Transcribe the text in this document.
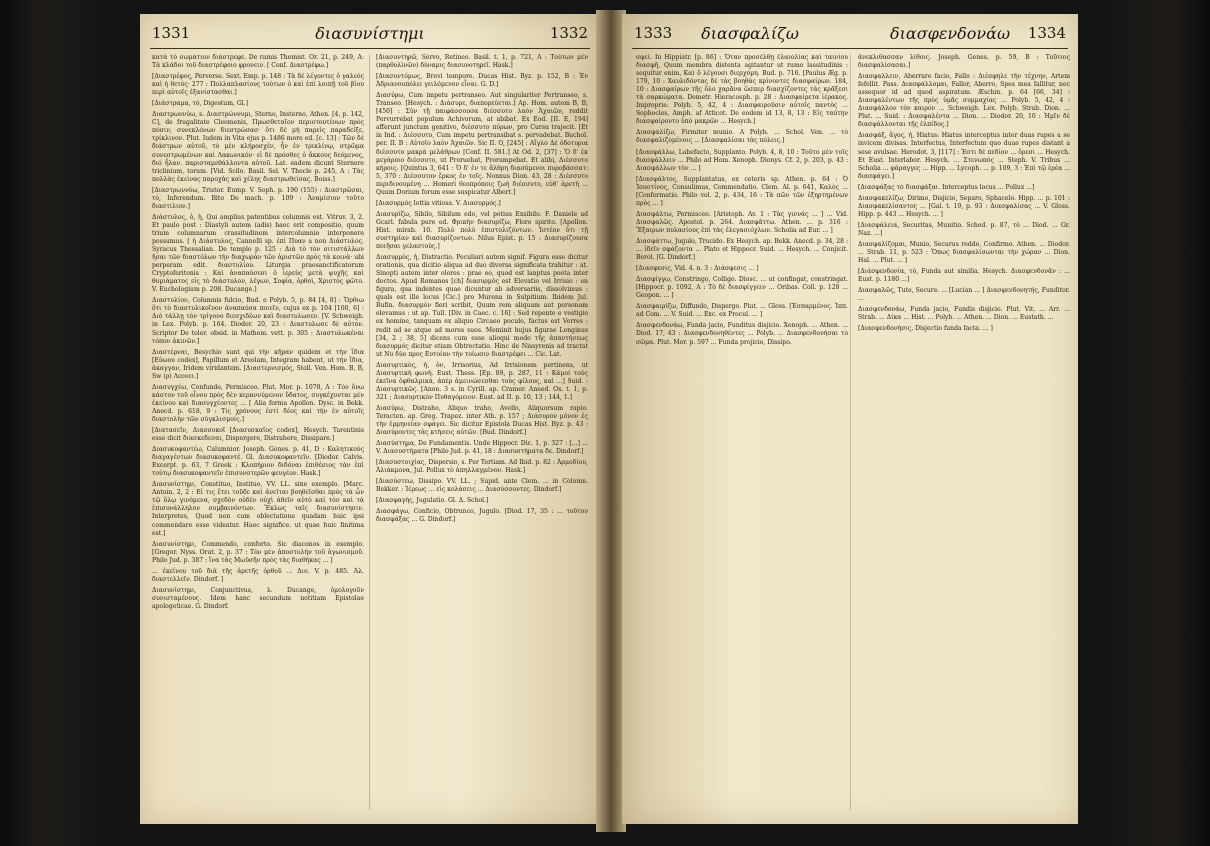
1331	διασυνίστημι	1332

κατὰ τὸ σωμάτιον διάστρεφε. De ramis Themist. Or. 21, p. 249, A: Τὰ κλάδοι τοῦ διαστρέφοιο φρονειν. [ Conf. Διαστρέφω.]

[Διαστρέφος, Perverse. Sext. Emp. p. 148 : Τὰ δὲ λέγοντες ὁ γαλεὸς καὶ ἡ θετός· 277 : Πολλαπλασίους τούτων ὁ καὶ ἐπὶ λοιπῇ τοῦ βίου περὶ αὐτοῖς ἐξανίστασθαι.]

[Διάστραμα, τό, Digestum, Gl.]

Διαστρωννύω, s. Διαστρώννυμι, Sterno, Insterno, Athen. [4, p. 142, C], de frugalitate Cleomenis, Πρωσθεταῖον περιοτουτένων πρὸς πόσιν, συνεκλόνων διεστρώσασ· ὅτι δὲ μὴ παρεὶς παραδείξε, τρίκλινον. Plut. Iudem in Vita ejus p. 1486 more ed. [c. 13] : Τῶν δὲ διάστρων αὐτοῦ, τὸ μὲν κλήροσχέν, ἦν ἐν τρικλίνῳ, στρῶμα συνεστρωμένων καὶ Λακωνικόν· εἰ δὲ πρόσθες ὁ ἄκκους δεόμενος, διό ἦλαν. παρισταμεθάλλοντα αὐτοῦ. Lat. eadem dicunt Sternere triclinium, torum. [Vid. Scilo. Basil. Sel. V. Thecle p. 245, A : Τὰς πολλὰς ἐκείνας παροχὰς καὶ χέλης διαστρωθείσας. Boiss.]

[Διαστρωννύω, Tristor. Eump. V. Soph. p. 190 (155) : Διαστρῶσαι, τό, Inferendum. Bito De mach. p. 109 : Ἀναμίσιον τοῦτο διαστιλιον.]

Διάστυλος, ὁ, ἡ, Qui amplius patentibus columnis est. Vitruv. 3, 2. Et paulo post : Diastyli autem (adis) haec erit compositio, quum trium columnarum crassitudinem intercolumnio interponere possumus. [ ἡ Διάστυλος, Cannelli sp. ἐπὶ Πυαν a non Διάστυλος. Syracus Thessalian. De templo p. 125 : Διὰ τὸ τὸν σιτιστάλλων ἤσαι τῶν διαστόλων τὴν διαχωρὰν τῶν ἀριστῶν πρὸς τὰ κοινὰ· ubi perperam edit. διαστυλίου. Liturgia praesanctificatorum Cryptoferitonis : Καὶ ἀναπαύσεσι ὁ ἱερεὺς μετὰ ψυχῆς καὶ θυμιάματος εἰς τὸ διάστυλον, λέγων, Σοφία, ὀρθοὶ, Χριστὸς φῶτο. V. Euchologium p. 208. Ducange.]

Διαστυλίον, Columnis fulcio, Bud. e Polyb. 5, p. 84 [4, 8] : Ὄρθιω ὅτι τὸ διαστυλικοῖνον ἀναπαύσα ποιεῖν, cujus ex p. 104 [100, 6] : Διὸ τάλλῃ τὸν τρίγονο διεσχιδέων καὶ διαστυλωσεν. [V. Schweigh. in Lex. Polyb. p. 164. Diodor. 20, 23 : Διαστυλωσε δὲ αὐτόν. Scriptor De toler. obsid. in Mathem. vett. p. 305 : Διαστυλωκέναι τόπον ἀκινῶν.]

Διαστέρναι, Besychio sunt qui τὴν κῆραν quidem et τὴν ἴδια [Εὐωου codex], Papillum et Areolam, Integram habent, ut τὴν ἴδια, ἀκαγγαν, Iridem viridantem. [Διαστερνισμός, Stoll. Ven. Hom. B, B, Sw (ρ) Λεονει.]

Διασυγχέω, Confundo, Permisceo. Plut. Mor. p. 1078, A : Τὸν ὅνω κάστον τοῦ οἶνου πρὸς δὲν κεραννύμενον ὕδατος, συγκέχυνται μὲν ἐκείνου καὶ διασυγχέοντες ... [ Alia forma Apollon. Dysc. in Bekk. Anecd. p. 618, 9 : Τίς χρόνους ἐστὶ δέος καὶ τὴν ἐν αὐτοῖς διαστολὴν τῶν σύγκλισμοίς.]

[Διατασεῖν, Διασσοκοῖ [Διασυσκαῖος codex], Hesych. Tarentinis esse dicit διασκεδεσαι, Dispergere, Distrahere, Dissipare.]

Διασυκοφαντέω, Calumnior. Joseph. Genes. p. 41, D : Καλητικοὺς διαγαγέντων διασυκοφαντέ. Gl. Διασυκοφαντεῖν. [Diodor. Calvis. Excerpt. p. 63, 7 Greek : Κλοπήριον διδόναι ἐπιθέσιος τὰν ἐπὶ τούτῳ διασυκοφαντεῖν ἐπισυνστερῶν φευγέον. Hask.]

Διασυνίστημι, Constituo, Instituo, VV. LL. sine exemplo. [Marc. Antoin. 2, 2 : Εἰ τις ἕτει τοῦδε καὶ ἀνεῖται βοηθεῖσθαι πρὸς τὰ ὧν τῷ ὅλῳ γινόμενα, σχεδὸν οὐδὲν οὐχὶ ἀθεῖν αὐτὸ καὶ τὸν καὶ τὰ ἐπισυνάλληλον συμβαινόντων. Ἔκλως ταῖς διασυνίστησιν. Interpretes, Quod non cum oblectatione quadam huic ipsi commendare esse videatur. Haec significe. ut quae huic finitima est.]

Διασυνίστημι, Commendo, conforto. Sic diaconos in exemplo. [Gregor. Nyss. Orat. 2, p. 37 : Τὸν μὲν ἀποστολὴν τοῦ ἀγωνισμοῦ. Philo Jud. p. 387 : ἵνα τὰς Μωϋσῆν πρὸς τὰς διαθήκας ... ]

... ἐκείνου τοῦ διὰ τῆς ἀρετῆς ὀρθοῦ ... Διο. V. p. 485. Ἀλ. διαστελλεῖν. Dindorf. ]

Διασυνίστημι, Conjunctivus, λ. Ducange, ὁμολογοῦν συνισταμένους. Idem hanc secundum notitiam Epistolae apologeticae. G. Dindorf.

[Διασυντηρῶ, Servo, Retineo. Basil. t. 1, p. 721, A : Τούτων μὲν (παρθολὶνῶν) δύναμις διασυνοτηρεῖ. Hask.]

[Διασυντόμως, Brevi tempore. Ducas Hist. Byz. p. 152, B : Ἐν Ἀδριανουπόλει γειλόμενον εἶναι. G. D.]

Διασύρω, Cum impetu pertranseo. Aut singulariter Pertranseo, s. Transeo. [Hesych. : Διάσυρε, διαπορεύεται.] Ap. Hom. autem B, B, [450] : Σὺν τῇ παιφάσσουσα διέσσυτο λαὸν Ἀχαιῶν, reddit Pervurrebat populum Achivorum, at abibat. Ex Eod. [II. E, 194] afferunt junctum genitivo, διέσσυτο πύρων, pro Cursu trajecit. [Et in Ind. : Διέσσυτο, Cum impetu pertransibat s. pervadebat. Buchol. per. II. B : Αὐτοῖο λαὸν Ἀχαιῶν. Sic II. O, [245] : Αἴγλο Δὲ ὀδοτυρια διέσσυτο μακρὰ μελάθρων [Conf. II. 581.] At Od. 2, [37] : Ὅ δ' ἐκ μεγάροιο διέσσυτο, ut Proruebat, Prorumpebat. Et alibi, Διέσσυτο κήροις. [Quintus 3, 641 : Ὁ δ' ἐν τε ἄλθρη διασύμενοι πυροβάσσατ: 5, 370 : Διέσσυτον ἔρκος ἐν τοῖς. Nonnus Dion. 43, 28 : Διέσσυτο περιδινουμένη ... Homeri θεοπρόποις ζωή διέσσυτο, εὐθ' ἀρετὴ ... Quum Dorium forum esse suspicatur Albert.]

[Διασυρμὸς lottia vitiosa. V. Διασυρμός.]

Διασυρίζω, Sibilo, Sibilum edo, vel potius Exsibilo. F. Daniele ad Gcarl. fabula pure ed. Φρικὴν διασυρίζω, Flore spirito. [Apollon. Hist. mirab. 10. Πολὺ πολὺ ἐπιστολιζόντων. Ἰστέον ὅτι τῇ συστηρίαν καὶ διασυρίζοντων. Nilus Epist. p. 15 : Διασυρίζουσα ποιῆσαι γελαστούς.]

Διασυρμὸς, ἡ, Distractio. Peculiari autem signif. Figura esse dicitur orationis, qua dicitio aliqua ad duo diversa significata trahitur : at. Sinopti autem inter olores : prae eo, quod est lanptus poeta inter doctos. Apud Romanos [ch] διασυρμὸς est Elevatio vel Irrisio : en figura, qua indentes quae dicuntur ab adversariis, dissolvimus : quals est ille locus [Cic.] pro Murena in Sulpitium. Ibidem Jul. Rufin. διασυρμὸν fieri scribit, Quum rem aliquam aut personam elevamus : ut ap. Tull. [Div. in Caec. c. 16] : Sed repente e vestigio ex homine, tanquam ex aliquo Circaeo poculo, factus est Verres : redit ad se atque ad mores suos. Meminit hujus figurae Longinus [34, 2 ; 38, 5] dicens cum esse alioqui modo τῆς ἀπαντήσεως διασυρμός dicitur etiam Obtrectatio. Hinc de Nissyrenis ad tractat ut Nυ δύο προς Ευτοίαν τὴν τοίωσιν διαστρέφει ... Cic. Lat.

Διασυρτικὸς, ἡ, ὁν, Irrisorius, Ad Irrisionem pertinens, ut Διασυρτικὴ φωνὴ. Eust. Thess. [Ep. 89, p. 287, 11 : Κἀμοί τοὺς ἐκεῖνα ὀφθαλμικά, ἀπὲρ ἀμεινώσεσθαι τοὺς φίλους, καὶ ...] Suid. : Διασυρτικῶς. [Anon. 3 s. in Cyrill. ap. Cramer. Aneed. Ox. t. 1, p. 321 ; Διασυρτικὸν Πυθαγόρειον. Eust. ad II. p. 10, 13 ; 144, 1.]

Διασύρω, Distraho, Aliquo traho, Avello, Aliquorsum rapio. Teracten. ap. Greg. Trapez. inter Ath. p. 157 ; Διάσυρον μόνον ἐς τὴν ἑρμηνείαν σφάγει. Sic dicitur Epistola Ducas Hist. Byz. p. 43 : Διασύροντες τὰς κτήσεις αὐτῶν. [Bud. Dindorf.]

Διασύστημα, De Fundamentis. Unde Hippocr. Dic. 1, p. 327 : [...] ... V. Διασυστήματα [Philo Jud. p. 41, 18 : Διασυστήματα δε. Dindorf.]

[Διασυστοιχίας, Dispersio, s. Per Tertiam. Ad Ibid. p. 82 : Ἀρμοδίου, Ἀλιάκμονα, Jul. Pollux τὸ ἀπηλλαγμένον. Hask.]

[Διασύστεω, Dissipo. VV. LL. ; Supid. ante Clem. ... in Colomn. Bekker. : Ἱέρεως ... εἰς κολάσεις ... Διασύσσοντες. Dindorf.]

[Διασφαγὴς, Jugulatio. Gl. Δ. Schol.]

Διασφάγω, Conficio, Obtrunco, Jugulo. [Diod. 17, 35 : ... τοῦτον διασφάξας ... G. Dindorf.]

1333	διασφαλίζω	διασφενδονάω	1334

σφεί. In Hippiatr. [p. 86] : Ὅταν προσέλθῃ ἐλαιολίας καὶ ταινίου διασφῆ, Quum membra distenta agitantur ut rumo lassitudinis : sequitur enim, Καὶ ὅ λέγουσι διερχόμη. Bud. p. 716. [Paulus Æg. p. 179, 10 : Χαυλιδόντας δὲ τὰς βοηθὰς κρίνοντες διασφαίρων. 184, 10 : Διασφαίρων τῆς ὅλο χαρᾶνα ὥσπερ διασχίζοντες τὰς κρᾶξεσι τὰ σαρκώματα. Demetr. Hieracosph. p. 28 : Διασφαίρετα ἱέρακος. Improprie. Polyb. 5, 42, 4 : Διασφαιροῦσιν αὐτοῖς παντὸς ... Sophocles, Amph. af Atticot. De eodem id 13, 8, 13 : Εἰς ταύτην διασφαίροντο ὑπὸ μακρῶν ... Hesych.]

Διασφαλίζω, Firmiter munio. A Polyb. ... Schol. Ven. ... τὸ διασφαλιζομένοις ... [Διασφαλίσαι τὰς πόλεις.]

[Διασφάλλω, Labefacto, Supplanto. Polyb. 4, 8, 10 : Τοῦτο μὲν τοῖς διασφάλλειν ... Philo ad Hom. Xenoph. Dionys. Cf. 2, p. 203, p. 43 : Διασφάλλων τὸν ... ]

[Διασφάλτος, Supplantatus, ex ceteris sp. Athen. p. 64 : Ὁ Ἰουστίνος, Consulimus, Commendatio. Clem. Al. p. 641, Καλὸς ... [Conformatio. Philo vol. 2, p. 434, 16 : Τὰ πῶν τῶν ἐξηρτημένων πρὸς ... ]

Διασφάλτω, Permisceo. [Aristoph. Av. 1 : Τὰς γιννάς ... ] ... Vid. Διασφαλῶς. Apostol. p. 264. Διασφᾶττω. Athen. ... p. 316 : Ἔξαιρων πυλασίους ἐπὶ τὰς ἐλεγασιόχλων. Scholia ad Eur. ... ]

Διασφάττω, Jugulo, Trucido. Ex Hesych. ap. Bekk. Anecd. p. 34, 28 : ... ἰδεῖν σφάζοντα ... Plato et Hippocr. Suid. ... Hesych. ... Conjicit. Berol. [G. Dindorf.]

[Διασφεσις, Vid. 4. n. 3 : Διάσφεσις ... ]

Διασφίγγω, Constringo, Colligo. Diosc. ... ut confingat, constringat. [Hippocr. p. 1092, A : Τὸ δὲ διασφίγγειν ... Oribas. Coll. p. 128 ... Geopon. ... ]

Διασφαιρίζω, Diffundo, Dispergo. Plut. ... Gloss. [Ἐσπαρμένος. Ἱππ. ad Com. ... V. Suid. ... Exc. ex Procul. ... ]

Διασφενδονάω, Funda jacio, Funditus disjicio. Xenoph. ... Athen. ... Diod. 17, 43 : Διασφενδονηθέντες ... Polyb. ... Διασφενδονήσαι τὸ σῶμα. Plut. Mor. p. 597 ... Funda projicio, Dissipo.

ἄνεκλιθασσαν λίθοις. Joseph. Genes. p. 59, B : Τοῦτοις διασφαλίσασαι.]

Διασφαλλειν, Aberrare facio, Fallo : Διέσφηλε τὴν τέχνην, Artem fefellit. Pass. Διασφάλλομαι, Fallor, Aberro, Spes mea fallitur, nec assequor id ad quod aspiratum. Æschin. p. 64 [66, 34] : Διασφαλέντων τῆς πρὸς ὑμᾶς συμμαχίας ... Polyb. 5, 42, 4 : Διασφάλλον τὸν καιρόν ... Schweigh. Lex. Polyb. Strab. Dion. ... Plut. ... Suid. : Διασφαλέντα ... Dion. ... Diodor. 20, 10 : Ἠμῖν δὲ διασφάλλονται τῆς ἐλπίδος.]

Διασφάξ, ἄγος, ἡ, Hiatus: Hiatus interceptus inter duas rupes a se invicem divisas. Interfectus, Interfectum quo duae rupes distant a sese avulsae. Herodot. 3, [117] : Ἐστι δὲ πεδίον ... ὄρεσι ... Hesych. Et Eust. Interlabor. Hesych. ... Στενωπός ... Steph. V. Tribus ... Scholia ... φάραγγες ... Hipp. ... Lycoph. ... p. 109, 3 : Ἐπὶ τῷ ἐρέα ... διασφάγει.]

[Διασφάξας τὸ διασφάξαι. Interceptus locus ... Pollux ...]

Διασφακελίζω, Dirimo, Disjicio, Separo, Sphacelo. Hipp. ... p. 101 : Διασφακελίσαντος ... [Gal. t. 19, p. 93 : Διασφαλίσας ... V. Gloss. Hipp. p. 443 ... Hesych. ... ]

[Διασφάλεια, Securitas, Munitio. Sched. p. 87, τὸ ... Diod. ... Gr. Naz. ...]

Διασφαλίζομαι, Munio, Securus reddo, Confirmo. Athen. ... Diodor. ... Strab. 11, p. 523 : Ὅπως διασφαλίσωνται τὴν χώραν ... Dion. Hal. ... Plut. ... ]

[Διάσφενδονία, τὸ, Funda aut similia. Hesych. Διασφενδονᾶν : ... Eust. p. 1180 ...]

Διασφαλῶς, Tute, Secure. ... [Lucian ... ] Διασφενδονητής, Funditor. ...

Διασφενδονάω, Funda jacio, Fundis disjicio. Plut. Vit. ... Arr. ... Strab. ... Δίκα ... Hist. ... Polyb. ... Athen. ... Dion. ... Eustath. ...

[Διασφενδονήσις, Disjectio funda facta. ... ]
